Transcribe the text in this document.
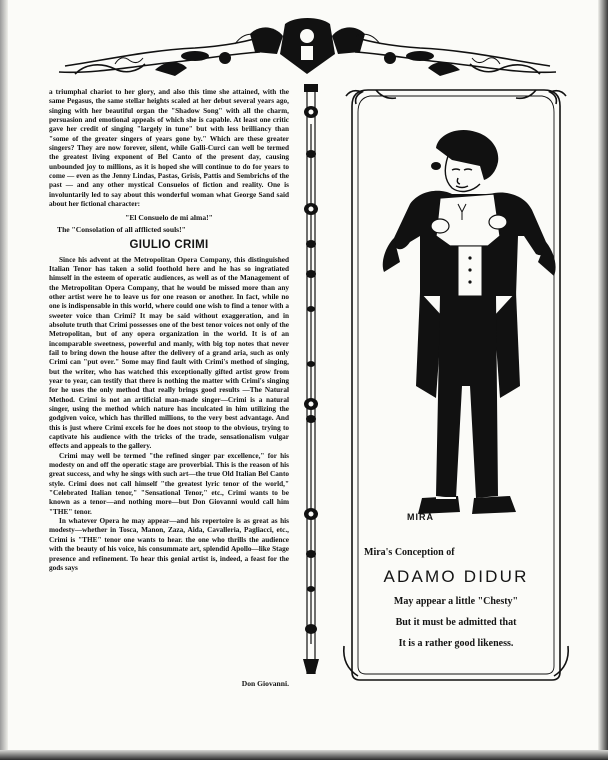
a triumphal chariot to her glory, and also this time she attained, with the same Pegasus, the same stellar heights scaled at her debut several years ago, singing with her beautiful organ the "Shadow Song" with all the charm, persuasion and emotional appeals of which she is capable. At least one critic gave her credit of singing "largely in tune" but with less brilliancy than "some of the greater singers of years gone by." Which are these greater singers? They are now forever, silent, while Galli-Curci can well be termed the greatest living exponent of Bel Canto of the present day, causing unbounded joy to millions, as it is hoped she will continue to do for years to come — even as the Jenny Lindas, Pastas, Grisis, Pattis and Sembrichs of the past — and any other mystical Consuelos of fiction and reality. One is involuntarily led to say about this wonderful woman what George Sand said about her fictional character:

"El Consuelo de mi alma!"

The "Consolation of all afflicted souls!"

GIULIO CRIMI

Since his advent at the Metropolitan Opera Company, this distinguished Italian Tenor has taken a solid foothold here and he has so ingratiated himself in the esteem of operatic audiences, as well as of the Management of the Metropolitan Opera Company, that he would be missed more than any other artist were he to leave us for one reason or another. In fact, while no one is indispensable in this world, where could one wish to find a tenor with a sweeter voice than Crimi? It may be said without exaggeration, and in absolute truth that Crimi possesses one of the best tenor voices not only of the Metropolitan, but of any opera organization in the world. It is of an incomparable sweetness, powerful and manly, with big top notes that never fail to bring down the house after the delivery of a grand aria, such as only Crimi can "put over." Some may find fault with Crimi's method of singing, but the writer, who has watched this exceptionally gifted artist grow from year to year, can testify that there is nothing the matter with Crimi's singing for he uses the only method that really brings good results —The Natural Method. Crimi is not an artificial man-made singer—Crimi is a natural singer, using the method which nature has inculcated in him utilizing the godgiven voice, which has thrilled millions, to the very best advantage. And this is just where Crimi excels for he does not stoop to the obvious, trying to captivate his audience with the tricks of the trade, sensationalism vulgar effects and appeals to the gallery.

Crimi may well be termed "the refined singer par excellence," for his modesty on and off the operatic stage are proverbial. This is the reason of his great success, and why he sings with such art—the true Old Italian Bel Canto style. Crimi does not call himself "the greatest lyric tenor of the world," "Celebrated Italian tenor," "Sensational Tenor," etc., Crimi wants to be known as a tenor—and nothing more—but Don Giovanni would call him "THE" tenor.

In whatever Opera he may appear—and his repertoire is as great as his modesty—whether in Tosca, Manon, Zaza, Aida, Cavalleria, Pagliacci, etc., Crimi is "THE" tenor one wants to hear. the one who thrills the audience with the beauty of his voice, his consummate art, splendid Apollo—like Stage presence and refinement. To hear this genial artist is, indeed, a feast for the gods says

Don Giovanni.
MIRA
Mira's Conception of
ADAMO DIDUR
May appear a little "Chesty"
But it must be admitted that
It is a rather good likeness.
